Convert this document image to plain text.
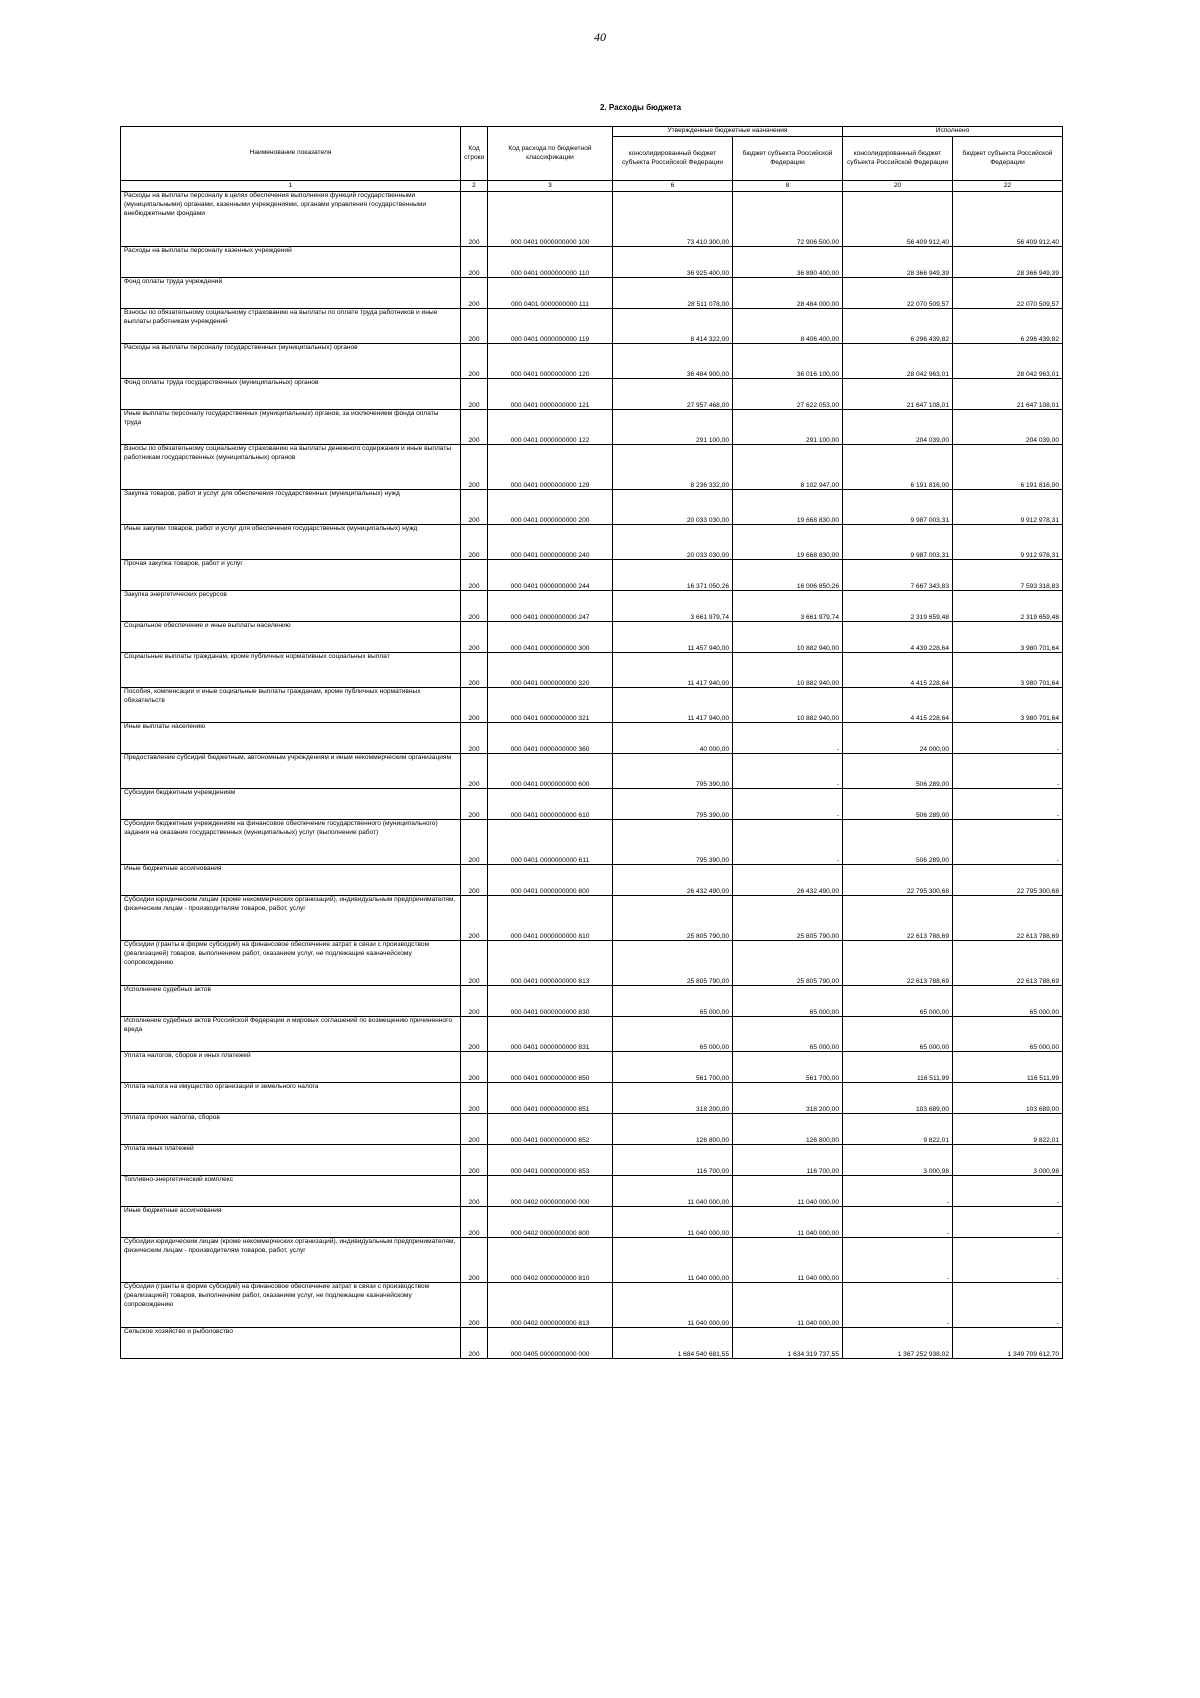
40
2. Расходы бюджета
Наименование показателя	Код строки	Код расхода по бюджетной классификации	Утвержденные бюджетные назначения		Исполнено	
			консолидированный бюджет субъекта Российской Федерации	бюджет субъекта Российской Федерации	консолидированный бюджет субъекта Российской Федерации	бюджет субъекта Российской Федерации
1	2	3	6	8	20	22
Расходы на выплаты персоналу в целях обеспечения выполнения функций государственными (муниципальными) органами, казенными учреждениями, органами управления государственными внебюджетными фондами	200	000 0401 0000000000 100	73 410 300,00	72 906 500,00	56 409 912,40	56 409 912,40
Расходы на выплаты персоналу казенных учреждений	200	000 0401 0000000000 110	36 925 400,00	36 890 400,00	28 366 949,39	28 366 949,39
Фонд оплаты труда учреждений	200	000 0401 0000000000 111	28 511 078,00	28 484 000,00	22 070 509,57	22 070 509,57
Взносы по обязательному социальному страхованию на выплаты по оплате труда работников и иные выплаты работникам учреждений	200	000 0401 0000000000 119	8 414 322,00	8 406 400,00	6 296 439,82	6 296 439,82
Расходы на выплаты персоналу государственных (муниципальных) органов	200	000 0401 0000000000 120	36 484 900,00	36 016 100,00	28 042 963,01	28 042 963,01
Фонд оплаты труда государственных (муниципальных) органов	200	000 0401 0000000000 121	27 957 468,00	27 622 053,00	21 647 108,01	21 647 108,01
Иные выплаты персоналу государственных (муниципальных) органов, за исключением фонда оплаты труда	200	000 0401 0000000000 122	291 100,00	291 100,00	204 039,00	204 039,00
Взносы по обязательному социальному страхованию на выплаты денежного содержания и иные выплаты работникам государственных (муниципальных) органов	200	000 0401 0000000000 129	8 236 332,00	8 102 947,00	6 191 816,00	6 191 816,00
Закупка товаров, работ и услуг для обеспечения государственных (муниципальных) нужд	200	000 0401 0000000000 200	20 033 030,00	19 668 830,00	9 987 003,31	9 912 978,31
Иные закупки товаров, работ и услуг для обеспечения государственных (муниципальных) нужд	200	000 0401 0000000000 240	20 033 030,00	19 668 830,00	9 987 003,31	9 912 978,31
Прочая закупка товаров, работ и услуг	200	000 0401 0000000000 244	16 371 050,26	16 006 850,26	7 667 343,83	7 593 318,83
Закупка энергетических ресурсов	200	000 0401 0000000000 247	3 661 979,74	3 661 979,74	2 319 659,48	2 319 659,48
Социальное обеспечение и иные выплаты населению	200	000 0401 0000000000 300	11 457 940,00	10 882 940,00	4 439 228,64	3 980 701,64
Социальные выплаты гражданам, кроме публичных нормативных социальных выплат	200	000 0401 0000000000 320	11 417 940,00	10 882 940,00	4 415 228,64	3 980 701,64
Пособия, компенсации и иные социальные выплаты гражданам, кроме публичных нормативных обязательств	200	000 0401 0000000000 321	11 417 940,00	10 882 940,00	4 415 228,64	3 980 701,64
Иные выплаты населению	200	000 0401 0000000000 360	40 000,00	-	24 000,00	-
Предоставление субсидий бюджетным, автономным учреждениям и иным некоммерческим организациям	200	000 0401 0000000000 600	795 390,00	-	506 289,00	-
Субсидии бюджетным учреждениям	200	000 0401 0000000000 610	795 390,00	-	506 289,00	-
Субсидии бюджетным учреждениям на финансовое обеспечение государственного (муниципального) задания на оказание государственных (муниципальных) услуг (выполнение работ)	200	000 0401 0000000000 611	795 390,00	-	506 289,00	-
Иные бюджетные ассигнования	200	000 0401 0000000000 800	26 432 490,00	26 432 490,00	22 795 300,68	22 795 300,68
Субсидии юридическим лицам (кроме некоммерческих организаций), индивидуальным предпринимателям, физическим лицам - производителям товаров, работ, услуг	200	000 0401 0000000000 810	25 805 790,00	25 805 790,00	22 613 788,69	22 613 788,69
Субсидии (гранты в форме субсидий) на финансовое обеспечение затрат в связи с производством (реализацией) товаров, выполнением работ, оказанием услуг, не подлежащие казначейскому сопровождению	200	000 0401 0000000000 813	25 805 790,00	25 805 790,00	22 613 788,69	22 613 788,69
Исполнение судебных актов	200	000 0401 0000000000 830	65 000,00	65 000,00	65 000,00	65 000,00
Исполнение судебных актов Российской Федерации и мировых соглашений по возмещению причиненного вреда	200	000 0401 0000000000 831	65 000,00	65 000,00	65 000,00	65 000,00
Уплата налогов, сборов и иных платежей	200	000 0401 0000000000 850	561 700,00	561 700,00	116 511,99	116 511,99
Уплата налога на имущество организаций и земельного налога	200	000 0401 0000000000 851	318 200,00	318 200,00	103 689,00	103 689,00
Уплата прочих налогов, сборов	200	000 0401 0000000000 852	126 800,00	126 800,00	9 822,01	9 822,01
Уплата иных платежей	200	000 0401 0000000000 853	116 700,00	116 700,00	3 000,98	3 000,98
Топливно-энергетический комплекс	200	000 0402 0000000000 000	11 040 000,00	11 040 000,00	-	-
Иные бюджетные ассигнования	200	000 0402 0000000000 800	11 040 000,00	11 040 000,00	-	-
Субсидии юридическим лицам (кроме некоммерческих организаций), индивидуальным предпринимателям, физическим лицам - производителям товаров, работ, услуг	200	000 0402 0000000000 810	11 040 000,00	11 040 000,00	-	-
Субсидии (гранты в форме субсидий) на финансовое обеспечение затрат в связи с производством (реализацией) товаров, выполнением работ, оказанием услуг, не подлежащие казначейскому сопровождению	200	000 0402 0000000000 813	11 040 000,00	11 040 000,00	-	-
Сельское хозяйство и рыболовство	200	000 0405 0000000000 000	1 684 540 681,55	1 634 319 737,55	1 367 252 938,02	1 349 709 612,70
